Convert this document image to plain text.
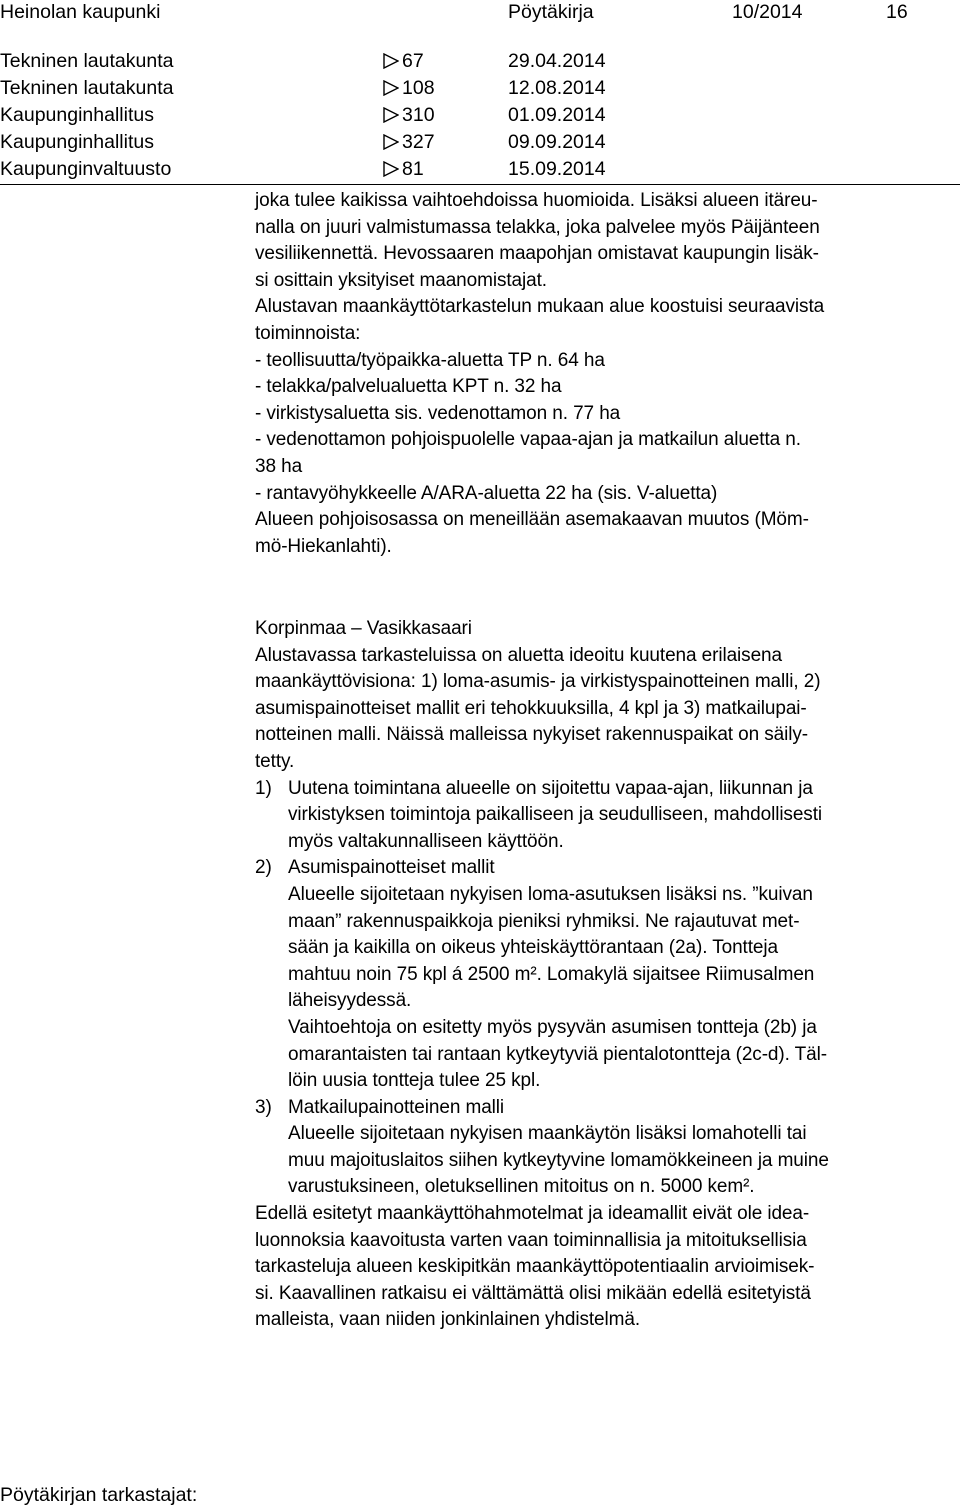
Heinolan kaupunki	Pöytäkirja	10/2014	16
Tekninen lautakunta	67	29.04.2014
Tekninen lautakunta	108	12.08.2014
Kaupunginhallitus	310	01.09.2014
Kaupunginhallitus	327	09.09.2014
Kaupunginvaltuusto	81	15.09.2014
joka tulee kaikissa vaihtoehdoissa huomioida. Lisäksi alueen itäreu-
nalla on juuri valmistumassa telakka, joka palvelee myös Päijänteen
vesiliikennettä. Hevossaaren maapohjan omistavat kaupungin lisäk-
si osittain yksityiset maanomistajat.
Alustavan maankäyttötarkastelun mukaan alue koostuisi seuraavista
toiminnoista:
- teollisuutta/työpaikka-aluetta TP n. 64 ha
- telakka/palvelualuetta KPT n. 32 ha
- virkistysaluetta sis. vedenottamon n. 77 ha
- vedenottamon pohjoispuolelle vapaa-ajan ja matkailun aluetta n.
38 ha
- rantavyöhykkeelle A/ARA-aluetta 22 ha (sis. V-aluetta)
Alueen pohjoisosassa on meneillään asemakaavan muutos (Möm-
mö-Hiekanlahti).
Korpinmaa – Vasikkasaari
Alustavassa tarkasteluissa on aluetta ideoitu kuutena erilaisena
maankäyttövisiona: 1) loma-asumis- ja virkistyspainotteinen malli, 2)
asumispainotteiset mallit eri tehokkuuksilla, 4 kpl ja 3) matkailupai-
notteinen malli. Näissä malleissa nykyiset rakennuspaikat on säily-
tetty.
1) Uutena toimintana alueelle on sijoitettu vapaa-ajan, liikunnan ja
virkistyksen toimintoja paikalliseen ja seudulliseen, mahdollisesti
myös valtakunnalliseen käyttöön.
2) Asumispainotteiset mallit
Alueelle sijoitetaan nykyisen loma-asutuksen lisäksi ns. ”kuivan
maan” rakennuspaikkoja pieniksi ryhmiksi. Ne rajautuvat met-
sään ja kaikilla on oikeus yhteiskäyttörantaan (2a). Tontteja
mahtuu noin 75 kpl á 2500 m². Lomakylä sijaitsee Riimusalmen
läheisyydessä.
Vaihtoehtoja on esitetty myös pysyvän asumisen tontteja (2b) ja
omarantaisten tai rantaan kytkeytyviä pientalotontteja (2c-d). Täl-
löin uusia tontteja tulee 25 kpl.
3) Matkailupainotteinen malli
Alueelle sijoitetaan nykyisen maankäytön lisäksi lomahotelli tai
muu majoituslaitos siihen kytkeytyvine lomamökkeineen ja muine
varustuksineen, oletuksellinen mitoitus on n. 5000 kem².
Edellä esitetyt maankäyttöhahmotelmat ja ideamallit eivät ole idea-
luonnoksia kaavoitusta varten vaan toiminnallisia ja mitoituksellisia
tarkasteluja alueen keskipitkän maankäyttöpotentiaalin arvioimisek-
si. Kaavallinen ratkaisu ei välttämättä olisi mikään edellä esitetyistä
malleista, vaan niiden jonkinlainen yhdistelmä.
Pöytäkirjan tarkastajat:
